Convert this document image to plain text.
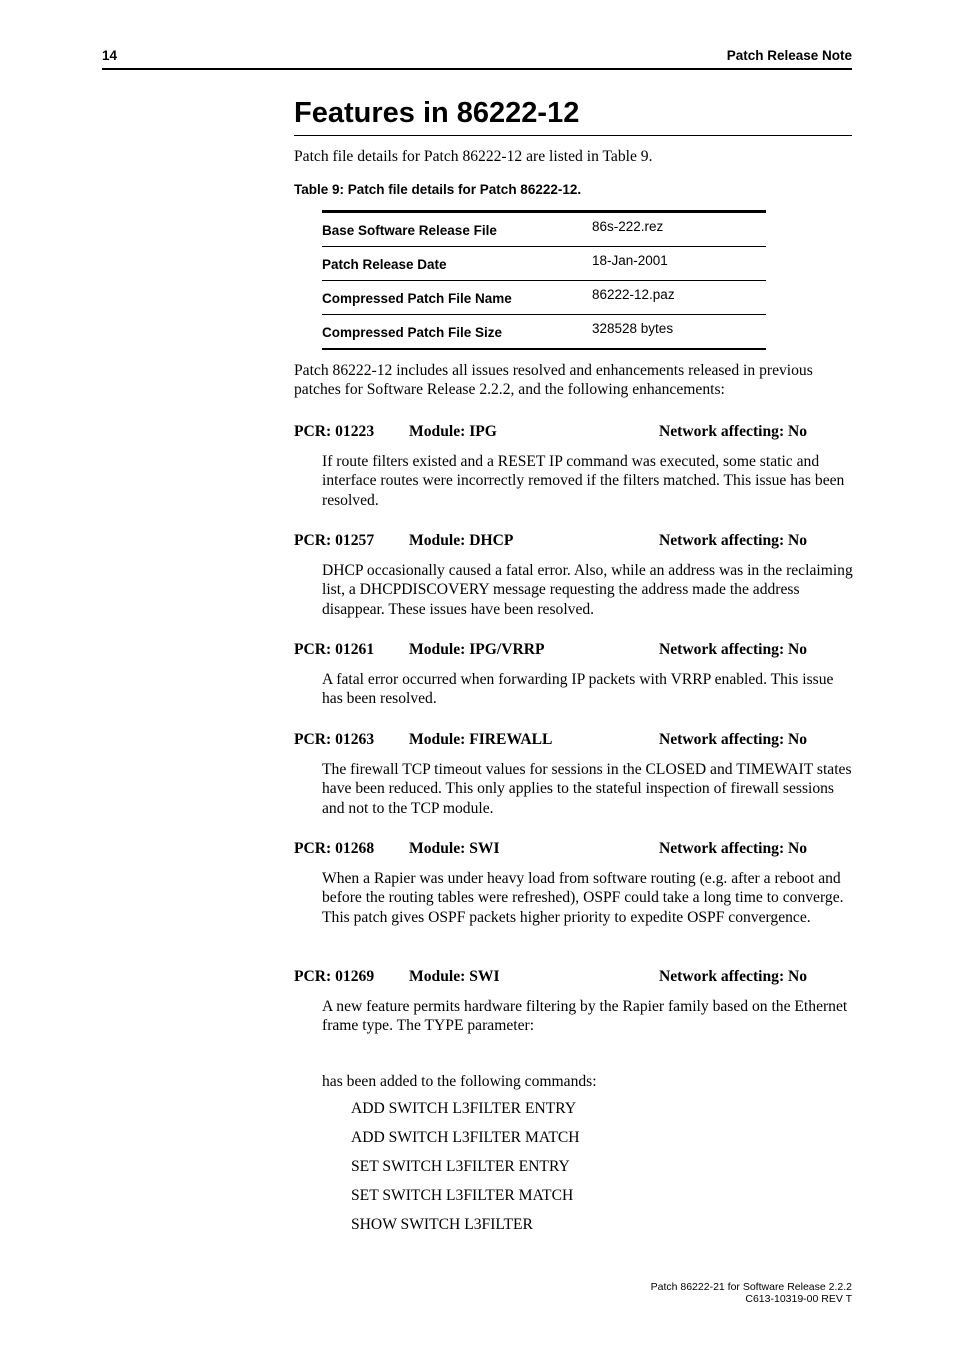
14	Patch Release Note
Features in 86222-12

Patch file details for Patch 86222-12 are listed in Table 9.

Table 9: Patch file details for Patch 86222-12.
Base Software Release File	86s-222.rez
Patch Release Date	18-Jan-2001
Compressed Patch File Name	86222-12.paz
Compressed Patch File Size	328528 bytes

Patch 86222-12 includes all issues resolved and enhancements released in previous patches for Software Release 2.2.2, and the following enhancements:

PCR: 01223 Module: IPG	Network affecting: No

If route filters existed and a RESET IP command was executed, some static and interface routes were incorrectly removed if the filters matched. This issue has been resolved.

PCR: 01257 Module: DHCP	Network affecting: No

DHCP occasionally caused a fatal error. Also, while an address was in the reclaiming list, a DHCPDISCOVERY message requesting the address made the address disappear. These issues have been resolved.

PCR: 01261 Module: IPG/VRRP	Network affecting: No

A fatal error occurred when forwarding IP packets with VRRP enabled. This issue has been resolved.

PCR: 01263 Module: FIREWALL	Network affecting: No

The firewall TCP timeout values for sessions in the CLOSED and TIMEWAIT states have been reduced. This only applies to the stateful inspection of firewall sessions and not to the TCP module.

PCR: 01268 Module: SWI	Network affecting: No

When a Rapier was under heavy load from software routing (e.g. after a reboot and before the routing tables were refreshed), OSPF could take a long time to converge. This patch gives OSPF packets higher priority to expedite OSPF convergence.

PCR: 01269 Module: SWI	Network affecting: No

A new feature permits hardware filtering by the Rapier family based on the Ethernet frame type. The TYPE parameter:

has been added to the following commands:

ADD SWITCH L3FILTER ENTRY
ADD SWITCH L3FILTER MATCH
SET SWITCH L3FILTER ENTRY
SET SWITCH L3FILTER MATCH
SHOW SWITCH L3FILTER
Patch 86222-21 for Software Release 2.2.2
C613-10319-00 REV T
